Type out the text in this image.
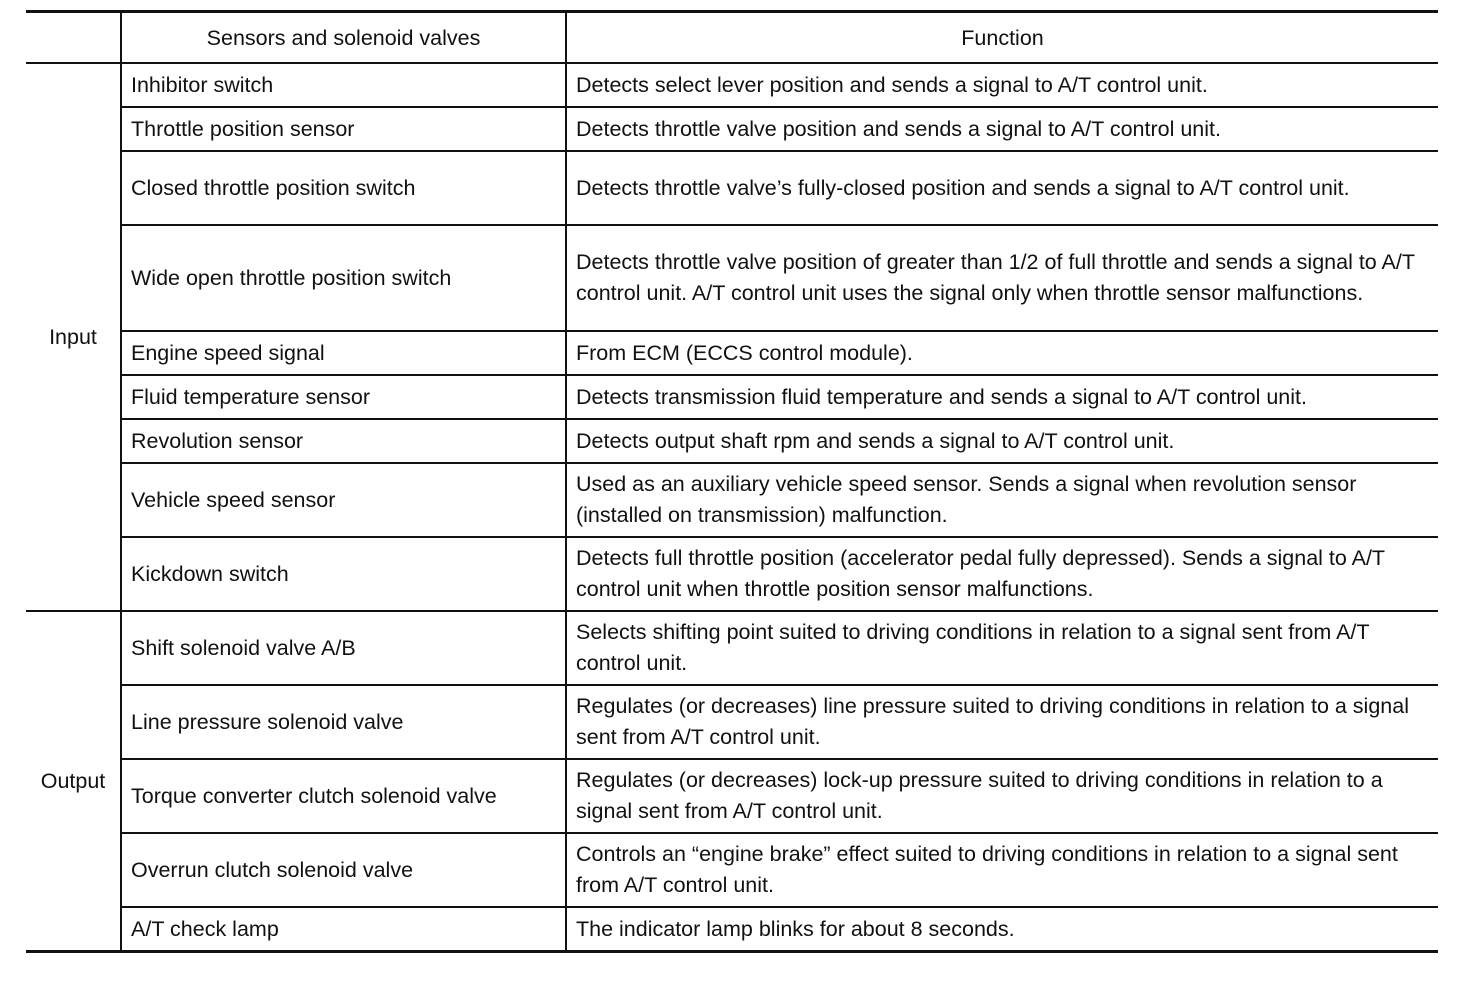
	Sensors and solenoid valves	Function
Input	Inhibitor switch	Detects select lever position and sends a signal to A/T control unit.
	Throttle position sensor	Detects throttle valve position and sends a signal to A/T control unit.
	Closed throttle position switch	Detects throttle valve’s fully-closed position and sends a signal to A/T control unit.
	Wide open throttle position switch	Detects throttle valve position of greater than 1/2 of full throttle and sends a signal to A/T control unit. A/T control unit uses the signal only when throttle sensor malfunctions.
	Engine speed signal	From ECM (ECCS control module).
	Fluid temperature sensor	Detects transmission fluid temperature and sends a signal to A/T control unit.
	Revolution sensor	Detects output shaft rpm and sends a signal to A/T control unit.
	Vehicle speed sensor	Used as an auxiliary vehicle speed sensor. Sends a signal when revolution sensor (installed on transmission) malfunction.
	Kickdown switch	Detects full throttle position (accelerator pedal fully depressed). Sends a signal to A/T control unit when throttle position sensor malfunctions.
Output	Shift solenoid valve A/B	Selects shifting point suited to driving conditions in relation to a signal sent from A/T control unit.
	Line pressure solenoid valve	Regulates (or decreases) line pressure suited to driving conditions in relation to a signal sent from A/T control unit.
	Torque converter clutch solenoid valve	Regulates (or decreases) lock-up pressure suited to driving conditions in relation to a signal sent from A/T control unit.
	Overrun clutch solenoid valve	Controls an “engine brake” effect suited to driving conditions in relation to a signal sent from A/T control unit.
	A/T check lamp	The indicator lamp blinks for about 8 seconds.
